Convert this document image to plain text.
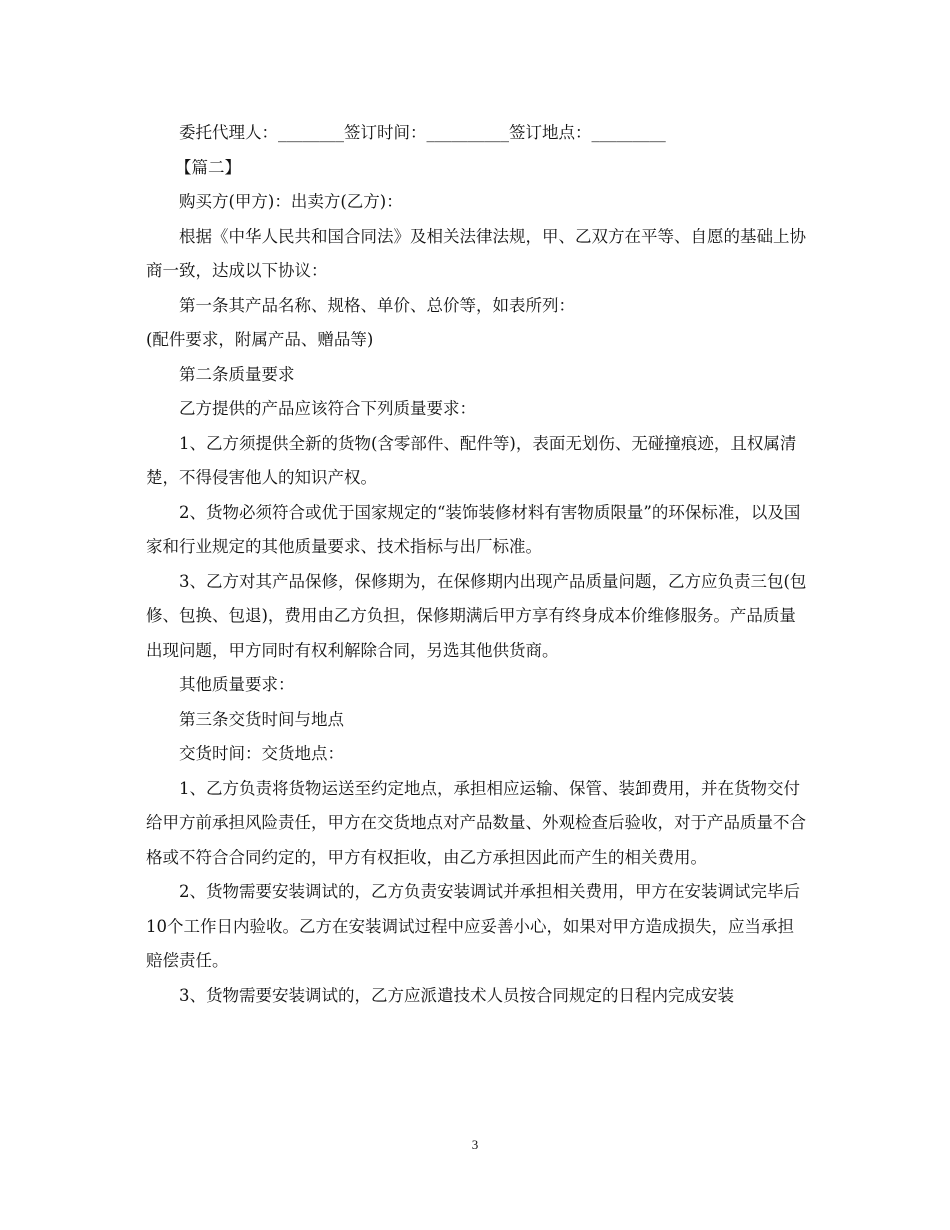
委托代理人：________签订时间：__________签订地点：_________

【篇二】

购买方(甲方)：出卖方(乙方)：

根据《中华人民共和国合同法》及相关法律法规，甲、乙双方在平等、自愿的基础上协商一致，达成以下协议：

第一条其产品名称、规格、单价、总价等，如表所列：

(配件要求，附属产品、赠品等)

第二条质量要求

乙方提供的产品应该符合下列质量要求：

1、乙方须提供全新的货物(含零部件、配件等)，表面无划伤、无碰撞痕迹，且权属清楚，不得侵害他人的知识产权。

2、货物必须符合或优于国家规定的“装饰装修材料有害物质限量”的环保标准，以及国家和行业规定的其他质量要求、技术指标与出厂标准。

3、乙方对其产品保修，保修期为，在保修期内出现产品质量问题，乙方应负责三包(包修、包换、包退)，费用由乙方负担，保修期满后甲方享有终身成本价维修服务。产品质量出现问题，甲方同时有权利解除合同，另选其他供货商。

其他质量要求：

第三条交货时间与地点

交货时间：交货地点：

1、乙方负责将货物运送至约定地点，承担相应运输、保管、装卸费用，并在货物交付给甲方前承担风险责任，甲方在交货地点对产品数量、外观检查后验收，对于产品质量不合格或不符合合同约定的，甲方有权拒收，由乙方承担因此而产生的相关费用。

2、货物需要安装调试的，乙方负责安装调试并承担相关费用，甲方在安装调试完毕后10个工作日内验收。乙方在安装调试过程中应妥善小心，如果对甲方造成损失，应当承担赔偿责任。

3、货物需要安装调试的，乙方应派遣技术人员按合同规定的日程内完成安装

3
